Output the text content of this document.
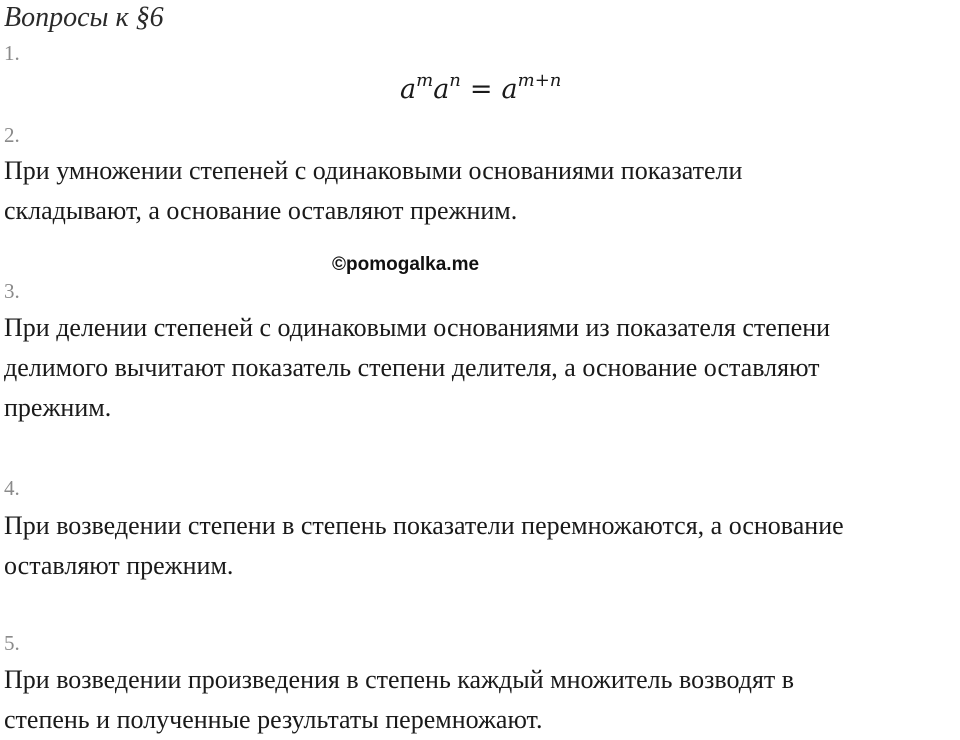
Вопросы к §6
1.
$a^ma^n = a^{m+n}$
2.
При умножении степеней с одинаковыми основаниями показатели
складывают, а основание оставляют прежним.
©pomogalka.me
3.
При делении степеней с одинаковыми основаниями из показателя степени
делимого вычитают показатель степени делителя, а основание оставляют
прежним.
4.
При возведении степени в степень показатели перемножаются, а основание
оставляют прежним.
5.
При возведении произведения в степень каждый множитель возводят в
степень и полученные результаты перемножают.
